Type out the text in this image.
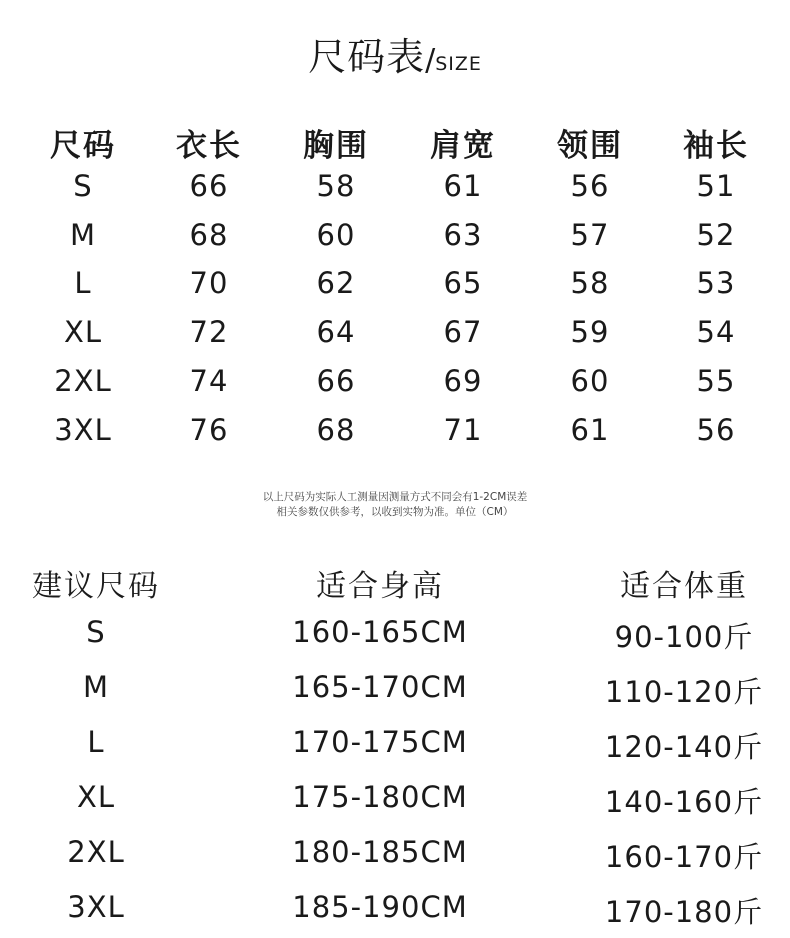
尺码表/SIZE
尺码 衣长 胸围 肩宽 领围 袖长
S	66	58	61	56	51
M	68	60	63	57	52
L	70	62	65	58	53
XL	72	64	67	59	54
2XL	74	66	69	60	55
3XL	76	68	71	61	56
以上尺码为实际人工测量因测量方式不同会有1-2CM误差
相关参数仅供参考，以收到实物为准。单位（CM）
建议尺码	适合身高	适合体重
S	160-165CM	90-100斤
M	165-170CM	110-120斤
L	170-175CM	120-140斤
XL	175-180CM	140-160斤
2XL	180-185CM	160-170斤
3XL	185-190CM	170-180斤
